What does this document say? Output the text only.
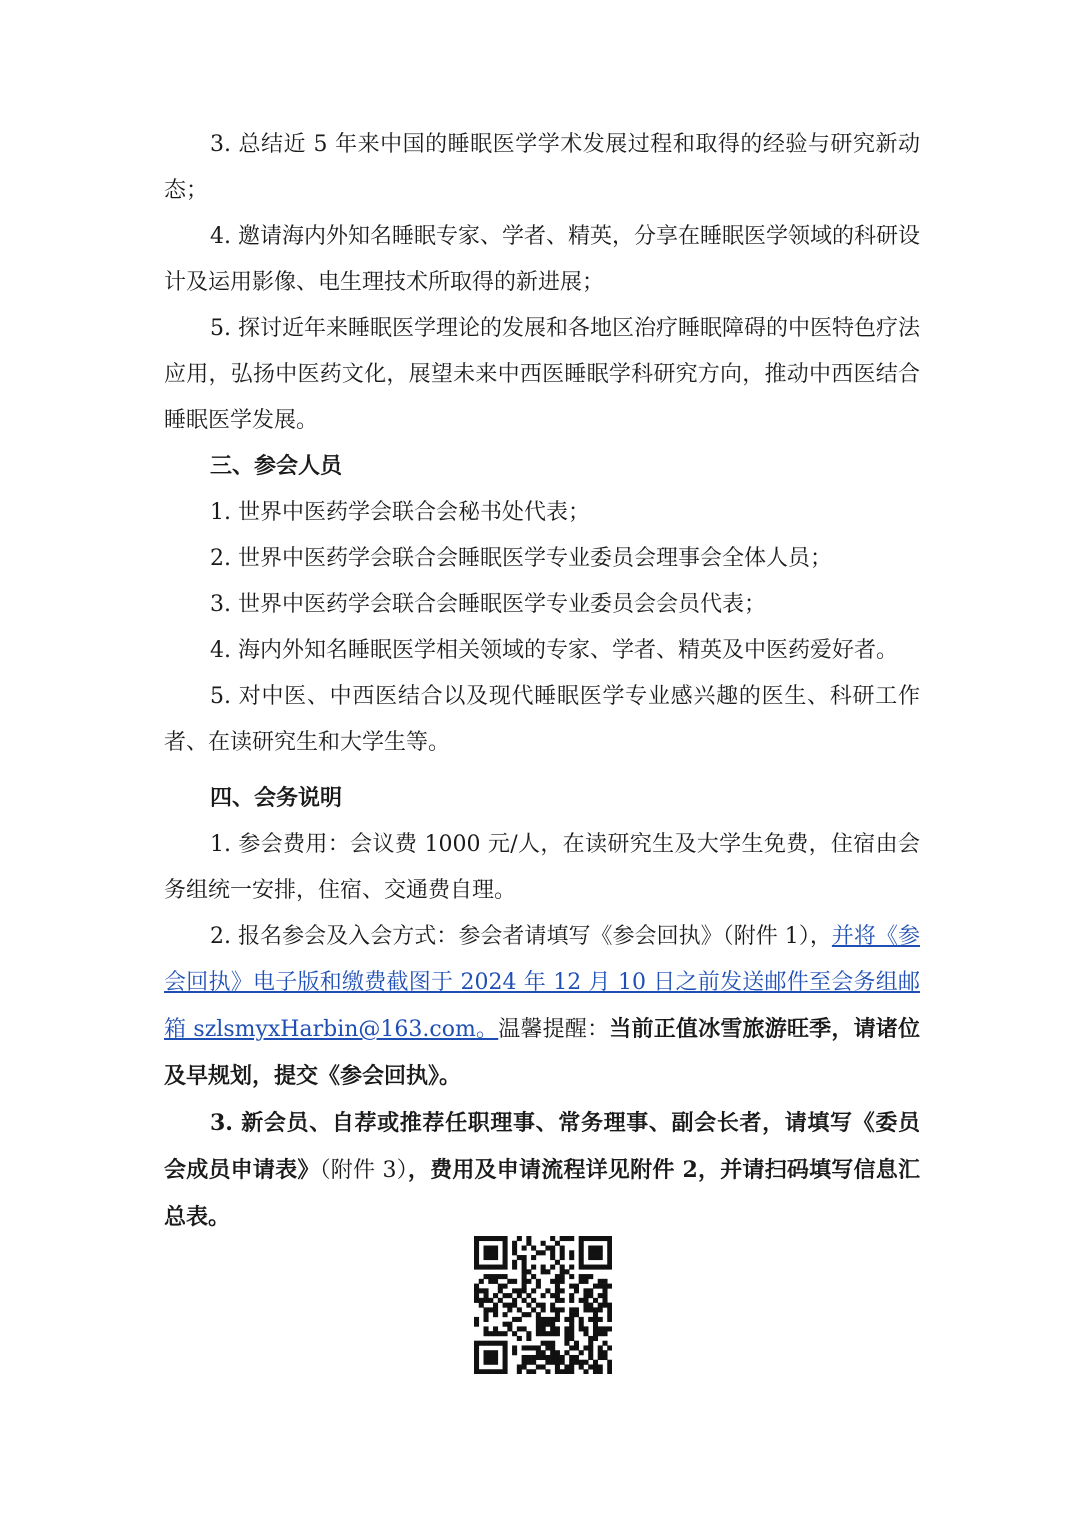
3. 总结近 5 年来中国的睡眠医学学术发展过程和取得的经验与研究新动态；

4. 邀请海内外知名睡眠专家、学者、精英，分享在睡眠医学领域的科研设计及运用影像、电生理技术所取得的新进展；

5. 探讨近年来睡眠医学理论的发展和各地区治疗睡眠障碍的中医特色疗法应用，弘扬中医药文化，展望未来中西医睡眠学科研究方向，推动中西医结合睡眠医学发展。

三、参会人员

1. 世界中医药学会联合会秘书处代表；

2. 世界中医药学会联合会睡眠医学专业委员会理事会全体人员；

3. 世界中医药学会联合会睡眠医学专业委员会会员代表；

4. 海内外知名睡眠医学相关领域的专家、学者、精英及中医药爱好者。

5. 对中医、中西医结合以及现代睡眠医学专业感兴趣的医生、科研工作者、在读研究生和大学生等。

四、会务说明

1. 参会费用：会议费 1000 元/人，在读研究生及大学生免费，住宿由会务组统一安排，住宿、交通费自理。

2. 报名参会及入会方式：参会者请填写《参会回执》（附件 1），并将《参会回执》电子版和缴费截图于 2024 年 12 月 10 日之前发送邮件至会务组邮箱 szlsmyxHarbin@163.com。温馨提醒：当前正值冰雪旅游旺季，请诸位及早规划，提交《参会回执》。

3. 新会员、自荐或推荐任职理事、常务理事、副会长者，请填写《委员会成员申请表》（附件 3），费用及申请流程详见附件 2，并请扫码填写信息汇总表。
